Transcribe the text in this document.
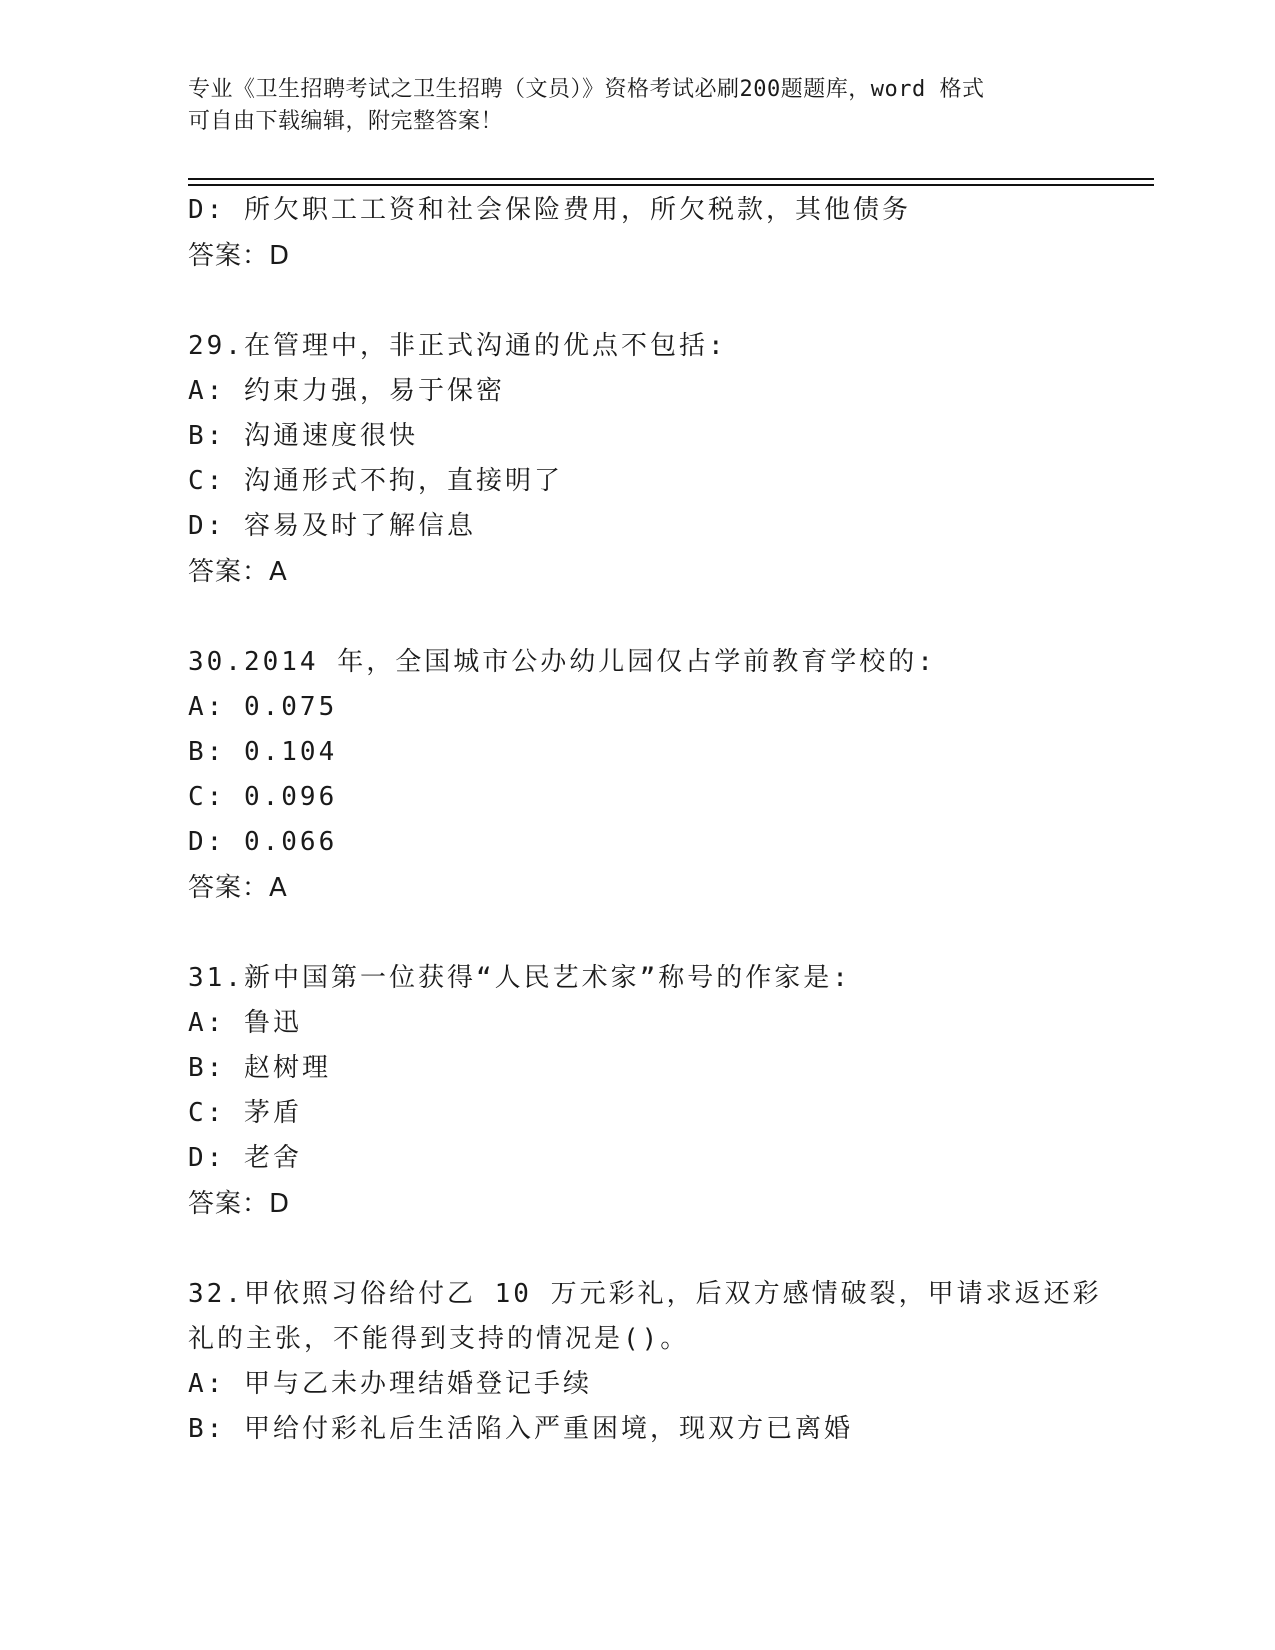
专业《卫生招聘考试之卫生招聘（文员）》资格考试必刷200题题库，word 格式
可自由下载编辑，附完整答案！
D: 所欠职工工资和社会保险费用，所欠税款，其他债务
答案：D
29.在管理中，非正式沟通的优点不包括:
A: 约束力强，易于保密
B: 沟通速度很快
C: 沟通形式不拘，直接明了
D: 容易及时了解信息
答案：A
30.2014 年，全国城市公办幼儿园仅占学前教育学校的:
A: 0.075
B: 0.104
C: 0.096
D: 0.066
答案：A
31.新中国第一位获得“人民艺术家”称号的作家是:
A: 鲁迅
B: 赵树理
C: 茅盾
D: 老舍
答案：D
32.甲依照习俗给付乙 10 万元彩礼，后双方感情破裂，甲请求返还彩
礼的主张，不能得到支持的情况是()。
A: 甲与乙未办理结婚登记手续
B: 甲给付彩礼后生活陷入严重困境，现双方已离婚
